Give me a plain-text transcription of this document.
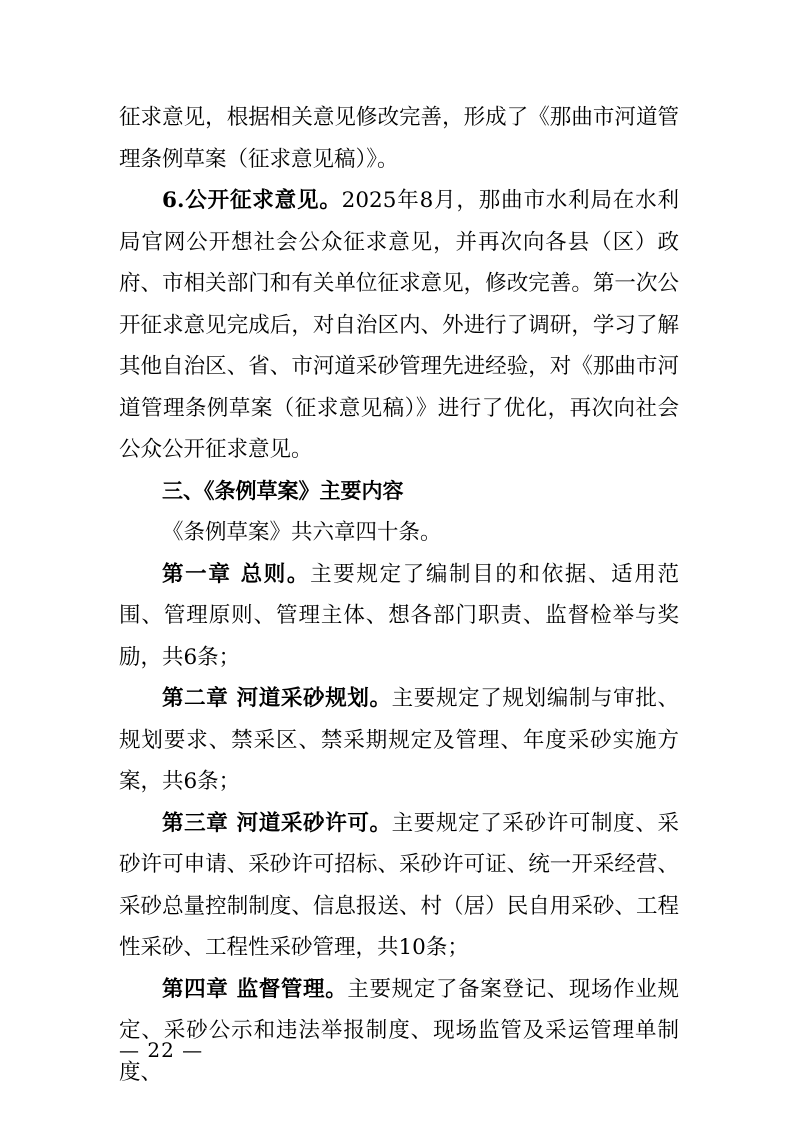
征求意见，根据相关意见修改完善，形成了《那曲市河道管理条例草案（征求意见稿）》。

6.公开征求意见。2025年8月，那曲市水利局在水利局官网公开想社会公众征求意见，并再次向各县（区）政府、市相关部门和有关单位征求意见，修改完善。第一次公开征求意见完成后，对自治区内、外进行了调研，学习了解其他自治区、省、市河道采砂管理先进经验，对《那曲市河道管理条例草案（征求意见稿）》进行了优化，再次向社会公众公开征求意见。

三、《条例草案》主要内容

《条例草案》共六章四十条。

第一章 总则。主要规定了编制目的和依据、适用范围、管理原则、管理主体、想各部门职责、监督检举与奖励，共6条；

第二章 河道采砂规划。主要规定了规划编制与审批、规划要求、禁采区、禁采期规定及管理、年度采砂实施方案，共6条；

第三章 河道采砂许可。主要规定了采砂许可制度、采砂许可申请、采砂许可招标、采砂许可证、统一开采经营、采砂总量控制制度、信息报送、村（居）民自用采砂、工程性采砂、工程性采砂管理，共10条；

第四章 监督管理。主要规定了备案登记、现场作业规定、采砂公示和违法举报制度、现场监管及采运管理单制度、

— 22 —
